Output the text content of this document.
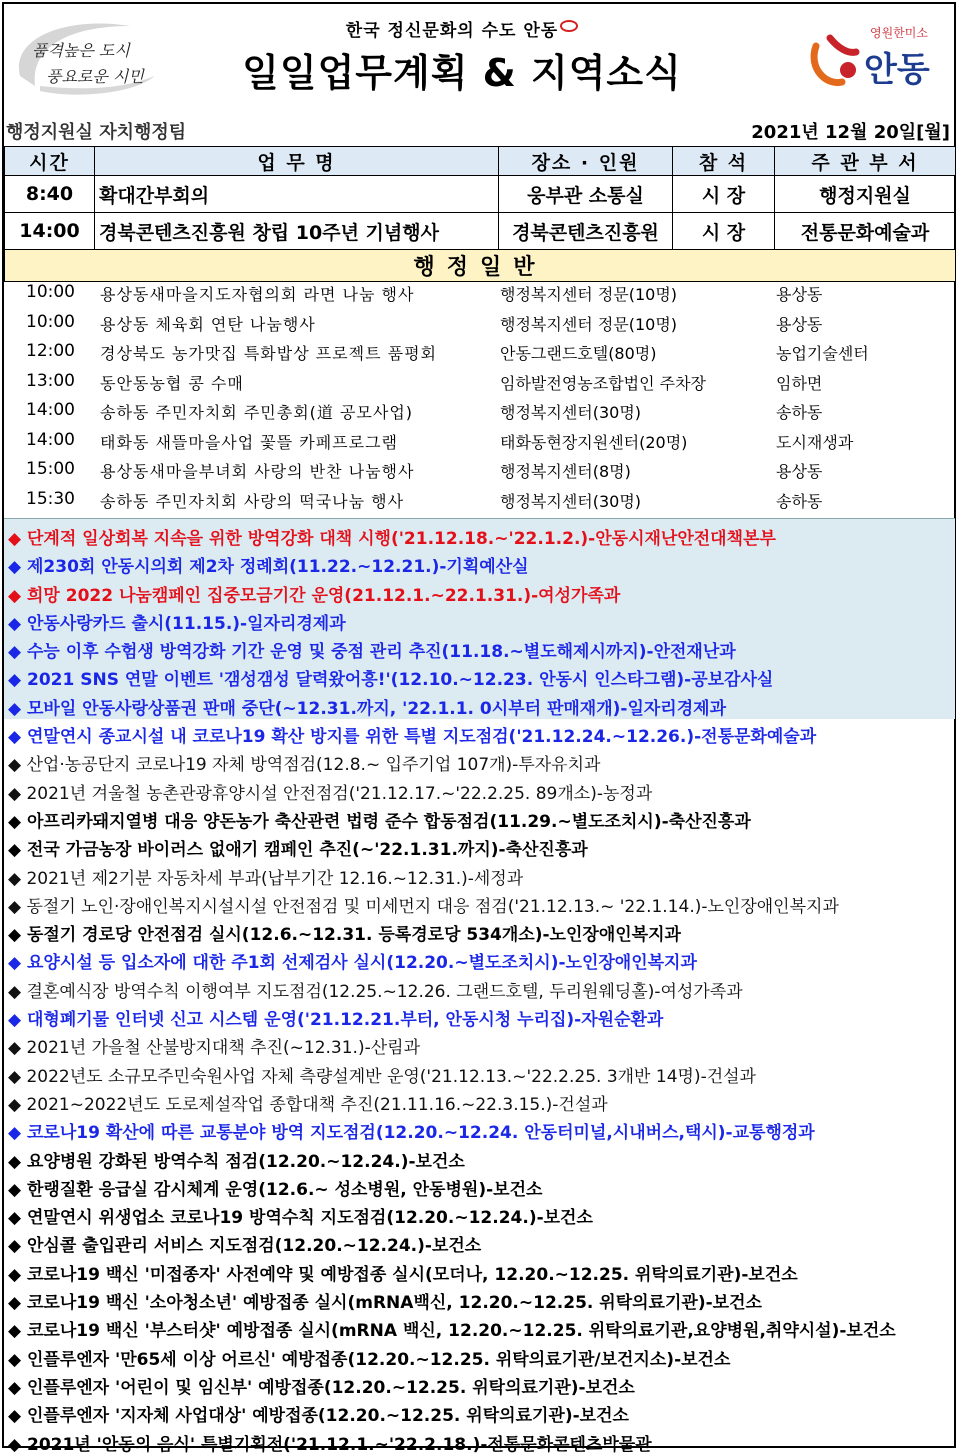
품격높은 도시
풍요로운 시민
한국 정신문화의 수도 안동
일일업무계획 & 지역소식
영원한미소
안동
행정지원실 자치행정팀	2021년 12월 20일[월]
시간	업 무 명	장소 · 인원	참 석	주 관 부 서
8:40	확대간부회의	웅부관 소통실	시 장	행정지원실
14:00	경북콘텐츠진흥원 창립 10주년 기념행사	경북콘텐츠진흥원	시 장	전통문화예술과
행정일반				
10:00 용상동새마을지도자협의회 라면 나눔 행사	행정복지센터 정문(10명)	용상동
10:00 용상동 체육회 연탄 나눔행사	행정복지센터 정문(10명)	용상동
12:00 경상북도 농가맛집 특화밥상 프로젝트 품평회	안동그랜드호텔(80명)	농업기술센터
13:00 동안동농협 콩 수매	임하발전영농조합법인 주차장	임하면
14:00 송하동 주민자치회 주민총회(道 공모사업)	행정복지센터(30명)	송하동
14:00 태화동 새뜰마을사업 꽃뜰 카페프로그램	태화동현장지원센터(20명)	도시재생과
15:00 용상동새마을부녀회 사랑의 반찬 나눔행사	행정복지센터(8명)	용상동
15:30 송하동 주민자치회 사랑의 떡국나눔 행사	행정복지센터(30명)	송하동
◆ 단계적 일상회복 지속을 위한 방역강화 대책 시행('21.12.18.~'22.1.2.)-안동시재난안전대책본부
◆ 제230회 안동시의회 제2차 정례회(11.22.~12.21.)-기획예산실
◆ 희망 2022 나눔캠페인 집중모금기간 운영(21.12.1.~22.1.31.)-여성가족과
◆ 안동사랑카드 출시(11.15.)-일자리경제과
◆ 수능 이후 수험생 방역강화 기간 운영 및 중점 관리 추진(11.18.~별도해제시까지)-안전재난과
◆ 2021 SNS 연말 이벤트 '갬성갬성 달력왔어흥!'(12.10.~12.23. 안동시 인스타그램)-공보감사실
◆ 모바일 안동사랑상품권 판매 중단(~12.31.까지, '22.1.1. 0시부터 판매재개)-일자리경제과
◆ 연말연시 종교시설 내 코로나19 확산 방지를 위한 특별 지도점검('21.12.24.~12.26.)-전통문화예술과
◆ 산업·농공단지 코로나19 자체 방역점검(12.8.~ 입주기업 107개)-투자유치과
◆ 2021년 겨울철 농촌관광휴양시설 안전점검('21.12.17.~'22.2.25. 89개소)-농정과
◆ 아프리카돼지열병 대응 양돈농가 축산관련 법령 준수 합동점검(11.29.~별도조치시)-축산진흥과
◆ 전국 가금농장 바이러스 없애기 캠페인 추진(~'22.1.31.까지)-축산진흥과
◆ 2021년 제2기분 자동차세 부과(납부기간 12.16.~12.31.)-세정과
◆ 동절기 노인·장애인복지시설시설 안전점검 및 미세먼지 대응 점검('21.12.13.~ '22.1.14.)-노인장애인복지과
◆ 동절기 경로당 안전점검 실시(12.6.~12.31. 등록경로당 534개소)-노인장애인복지과
◆ 요양시설 등 입소자에 대한 주1회 선제검사 실시(12.20.~별도조치시)-노인장애인복지과
◆ 결혼예식장 방역수칙 이행여부 지도점검(12.25.~12.26. 그랜드호텔, 두리원웨딩홀)-여성가족과
◆ 대형폐기물 인터넷 신고 시스템 운영('21.12.21.부터, 안동시청 누리집)-자원순환과
◆ 2021년 가을철 산불방지대책 추진(~12.31.)-산림과
◆ 2022년도 소규모주민숙원사업 자체 측량설계반 운영('21.12.13.~'22.2.25. 3개반 14명)-건설과
◆ 2021~2022년도 도로제설작업 종합대책 추진(21.11.16.~22.3.15.)-건설과
◆ 코로나19 확산에 따른 교통분야 방역 지도점검(12.20.~12.24. 안동터미널,시내버스,택시)-교통행정과
◆ 요양병원 강화된 방역수칙 점검(12.20.~12.24.)-보건소
◆ 한랭질환 응급실 감시체계 운영(12.6.~ 성소병원, 안동병원)-보건소
◆ 연말연시 위생업소 코로나19 방역수칙 지도점검(12.20.~12.24.)-보건소
◆ 안심콜 출입관리 서비스 지도점검(12.20.~12.24.)-보건소
◆ 코로나19 백신 '미접종자' 사전예약 및 예방접종 실시(모더나, 12.20.~12.25. 위탁의료기관)-보건소
◆ 코로나19 백신 '소아청소년' 예방접종 실시(mRNA백신, 12.20.~12.25. 위탁의료기관)-보건소
◆ 코로나19 백신 '부스터샷' 예방접종 실시(mRNA 백신, 12.20.~12.25. 위탁의료기관,요양병원,취약시설)-보건소
◆ 인플루엔자 '만65세 이상 어르신' 예방접종(12.20.~12.25. 위탁의료기관/보건지소)-보건소
◆ 인플루엔자 '어린이 및 임신부' 예방접종(12.20.~12.25. 위탁의료기관)-보건소
◆ 인플루엔자 '지자체 사업대상' 예방접종(12.20.~12.25. 위탁의료기관)-보건소
◆ 2021년 '안동의 음식' 특별기획전('21.12.1.~'22.2.18.)-전통문화콘텐츠박물관
